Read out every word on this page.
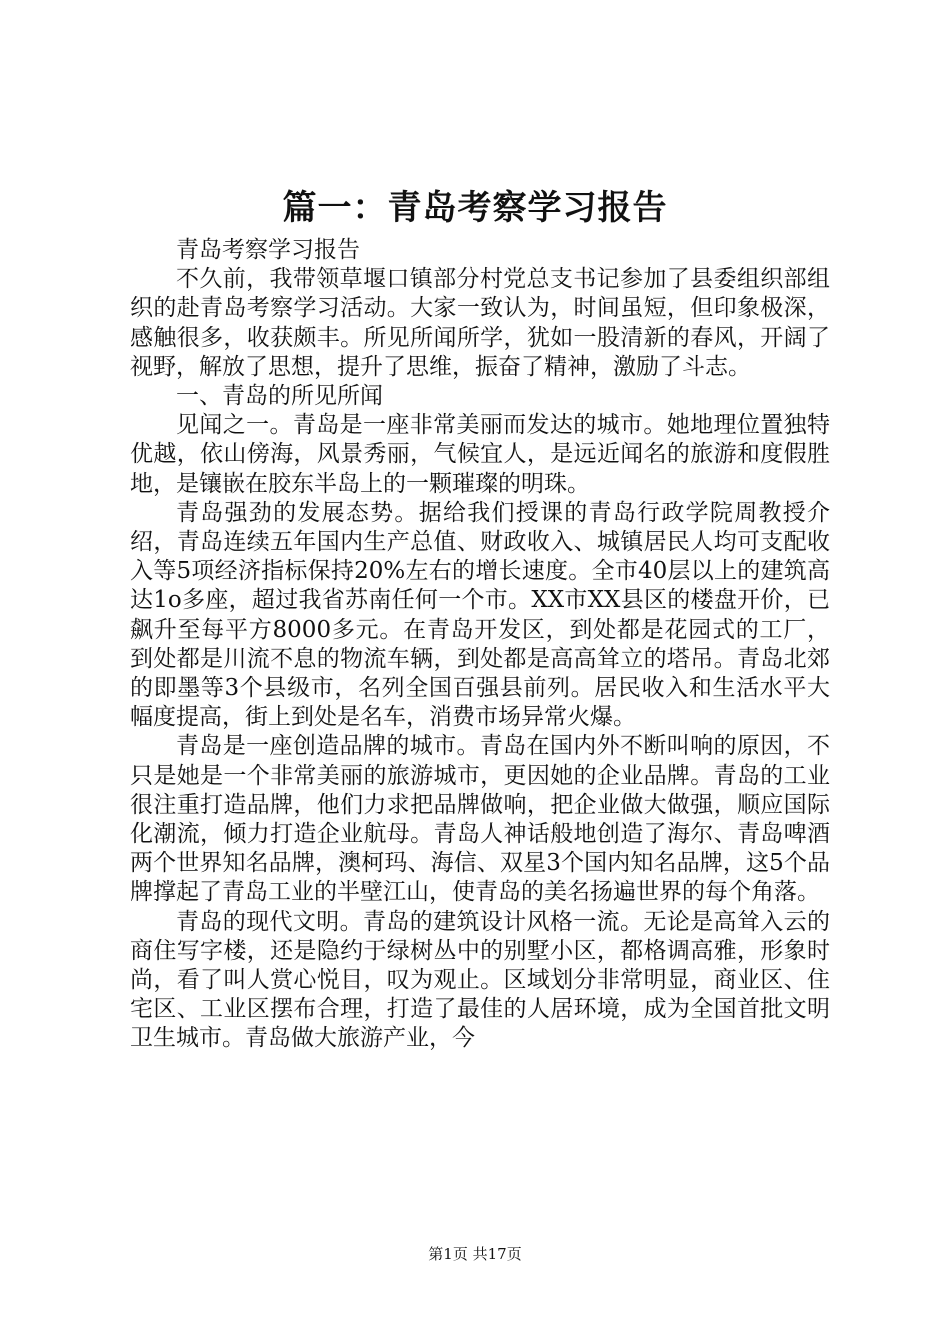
篇一：青岛考察学习报告

青岛考察学习报告

不久前，我带领草堰口镇部分村党总支书记参加了县委组织部组织的赴青岛考察学习活动。大家一致认为，时间虽短，但印象极深，感触很多，收获颇丰。所见所闻所学，犹如一股清新的春风，开阔了视野，解放了思想，提升了思维，振奋了精神，激励了斗志。

一、青岛的所见所闻

见闻之一。青岛是一座非常美丽而发达的城市。她地理位置独特优越，依山傍海，风景秀丽，气候宜人，是远近闻名的旅游和度假胜地，是镶嵌在胶东半岛上的一颗璀璨的明珠。

青岛强劲的发展态势。据给我们授课的青岛行政学院周教授介绍，青岛连续五年国内生产总值、财政收入、城镇居民人均可支配收入等5项经济指标保持20%左右的增长速度。全市40层以上的建筑高达1o多座，超过我省苏南任何一个市。XX市XX县区的楼盘开价，已飙升至每平方8000多元。在青岛开发区，到处都是花园式的工厂，到处都是川流不息的物流车辆，到处都是高高耸立的塔吊。青岛北郊的即墨等3个县级市，名列全国百强县前列。居民收入和生活水平大幅度提高，街上到处是名车，消费市场异常火爆。

青岛是一座创造品牌的城市。青岛在国内外不断叫响的原因，不只是她是一个非常美丽的旅游城市，更因她的企业品牌。青岛的工业很注重打造品牌，他们力求把品牌做响，把企业做大做强，顺应国际化潮流，倾力打造企业航母。青岛人神话般地创造了海尔、青岛啤酒两个世界知名品牌，澳柯玛、海信、双星3个国内知名品牌，这5个品牌撑起了青岛工业的半壁江山，使青岛的美名扬遍世界的每个角落。

青岛的现代文明。青岛的建筑设计风格一流。无论是高耸入云的商住写字楼，还是隐约于绿树丛中的别墅小区，都格调高雅，形象时尚，看了叫人赏心悦目，叹为观止。区域划分非常明显，商业区、住宅区、工业区摆布合理，打造了最佳的人居环境，成为全国首批文明卫生城市。青岛做大旅游产业，今

第1页 共17页
